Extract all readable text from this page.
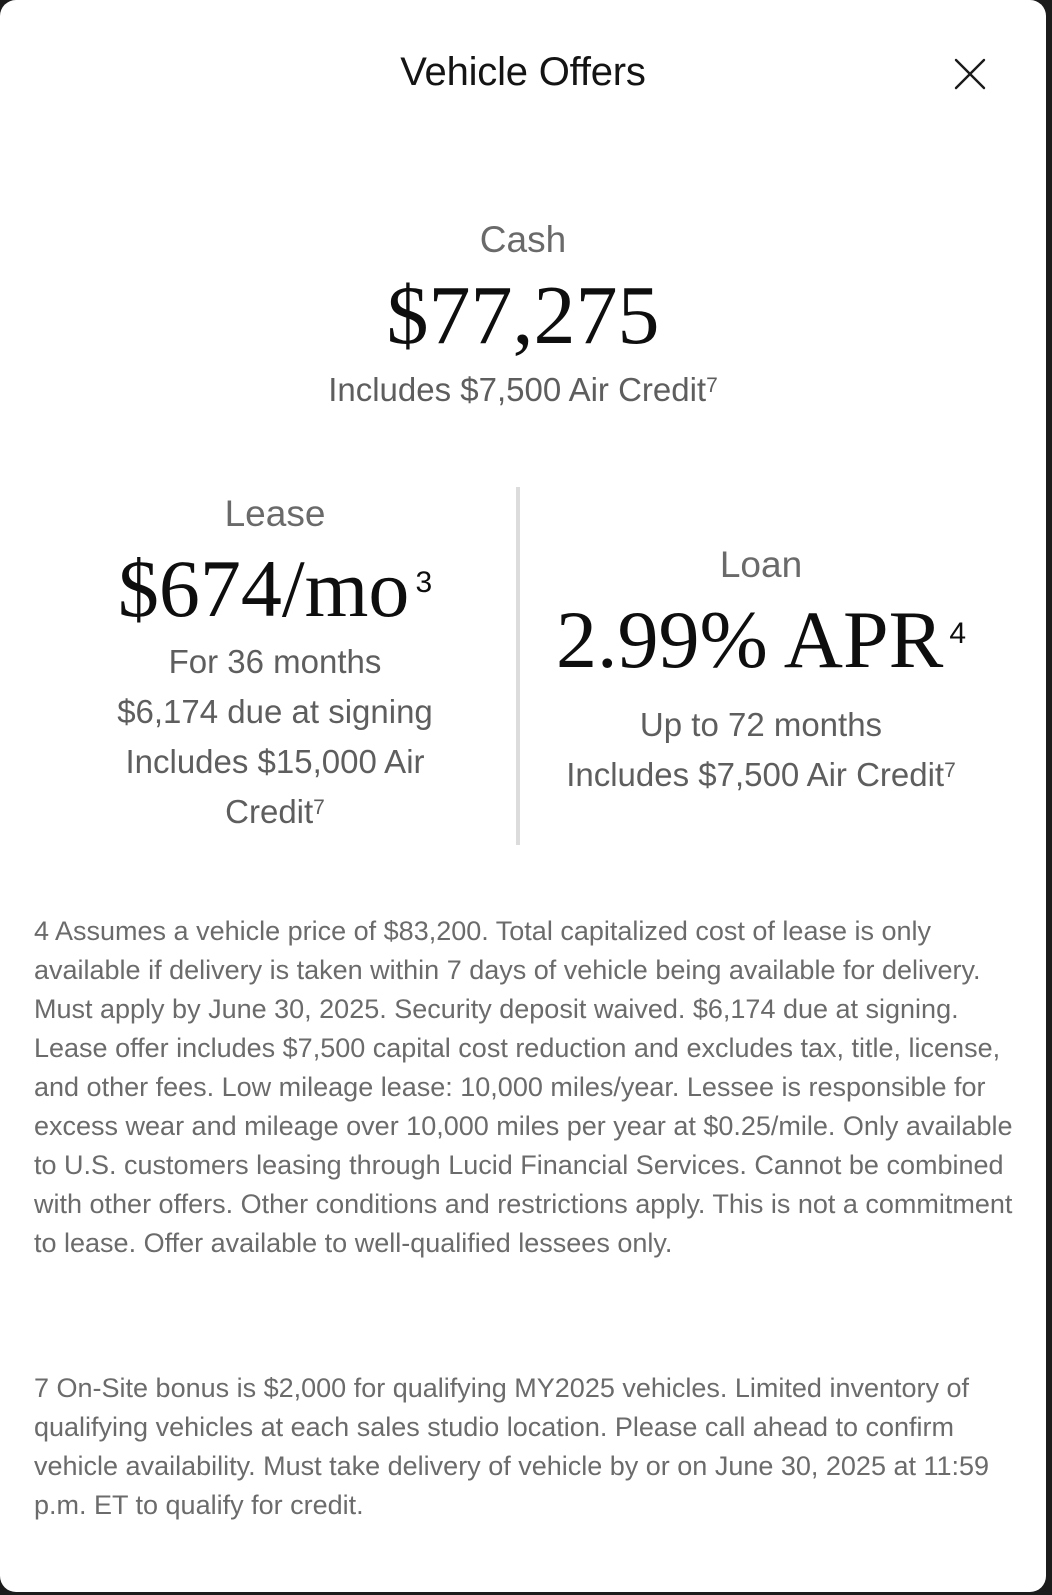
Vehicle Offers
Cash
$77,275
Includes $7,500 Air Credit$^7$
Lease
$674/mo $^3$
For 36 months
$6,174 due at signing
Includes $15,000 Air
Credit$^7$
Loan
2.99% APR $^4$
Up to 72 months
Includes $7,500 Air Credit$^7$
4 Assumes a vehicle price of $83,200. Total capitalized cost of lease is only available if delivery is taken within 7 days of vehicle being available for delivery. Must apply by June 30, 2025. Security deposit waived. $6,174 due at signing. Lease offer includes $7,500 capital cost reduction and excludes tax, title, license, and other fees. Low mileage lease: 10,000 miles/year. Lessee is responsible for excess wear and mileage over 10,000 miles per year at $0.25/mile. Only available to U.S. customers leasing through Lucid Financial Services. Cannot be combined with other offers. Other conditions and restrictions apply. This is not a commitment to lease. Offer available to well-qualified lessees only.
7 On-Site bonus is $2,000 for qualifying MY2025 vehicles. Limited inventory of qualifying vehicles at each sales studio location. Please call ahead to confirm vehicle availability. Must take delivery of vehicle by or on June 30, 2025 at 11:59 p.m. ET to qualify for credit.
